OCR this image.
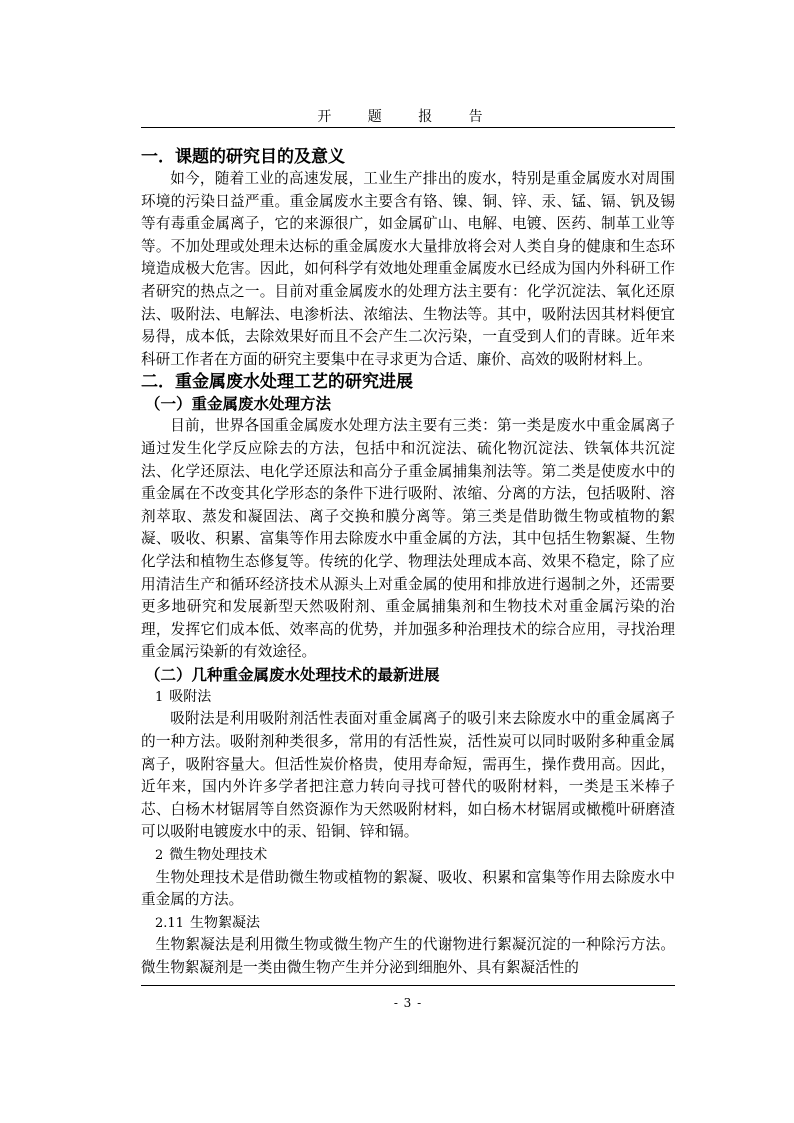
开 题 报 告
一．课题的研究目的及意义

如今，随着工业的高速发展，工业生产排出的废水，特别是重金属废水对周围环境的污染日益严重。重金属废水主要含有铬、镍、铜、锌、汞、锰、镉、钒及锡等有毒重金属离子，它的来源很广，如金属矿山、电解、电镀、医药、制革工业等等。不加处理或处理未达标的重金属废水大量排放将会对人类自身的健康和生态环境造成极大危害。因此，如何科学有效地处理重金属废水已经成为国内外科研工作者研究的热点之一。目前对重金属废水的处理方法主要有：化学沉淀法、氧化还原法、吸附法、电解法、电渗析法、浓缩法、生物法等。其中，吸附法因其材料便宜易得，成本低，去除效果好而且不会产生二次污染，一直受到人们的青睐。近年来科研工作者在方面的研究主要集中在寻求更为合适、廉价、高效的吸附材料上。

二．重金属废水处理工艺的研究进展
（一）重金属废水处理方法

目前，世界各国重金属废水处理方法主要有三类：第一类是废水中重金属离子通过发生化学反应除去的方法，包括中和沉淀法、硫化物沉淀法、铁氧体共沉淀法、化学还原法、电化学还原法和高分子重金属捕集剂法等。第二类是使废水中的重金属在不改变其化学形态的条件下进行吸附、浓缩、分离的方法，包括吸附、溶剂萃取、蒸发和凝固法、离子交换和膜分离等。第三类是借助微生物或植物的絮凝、吸收、积累、富集等作用去除废水中重金属的方法，其中包括生物絮凝、生物化学法和植物生态修复等。传统的化学、物理法处理成本高、效果不稳定，除了应用清洁生产和循环经济技术从源头上对重金属的使用和排放进行遏制之外，还需要更多地研究和发展新型天然吸附剂、重金属捕集剂和生物技术对重金属污染的治理，发挥它们成本低、效率高的优势，并加强多种治理技术的综合应用，寻找治理重金属污染新的有效途径。

（二）几种重金属废水处理技术的最新进展
1 吸附法

吸附法是利用吸附剂活性表面对重金属离子的吸引来去除废水中的重金属离子的一种方法。吸附剂种类很多，常用的有活性炭，活性炭可以同时吸附多种重金属离子，吸附容量大。但活性炭价格贵，使用寿命短，需再生，操作费用高。因此，近年来，国内外许多学者把注意力转向寻找可替代的吸附材料，一类是玉米棒子芯、白杨木材锯屑等自然资源作为天然吸附材料，如白杨木材锯屑或橄榄叶研磨渣可以吸附电镀废水中的汞、铅铜、锌和镉。

2 微生物处理技术

生物处理技术是借助微生物或植物的絮凝、吸收、积累和富集等作用去除废水中重金属的方法。

2.11 生物絮凝法

生物絮凝法是利用微生物或微生物产生的代谢物进行絮凝沉淀的一种除污方法。微生物絮凝剂是一类由微生物产生并分泌到细胞外、具有絮凝活性的

- 3 -
